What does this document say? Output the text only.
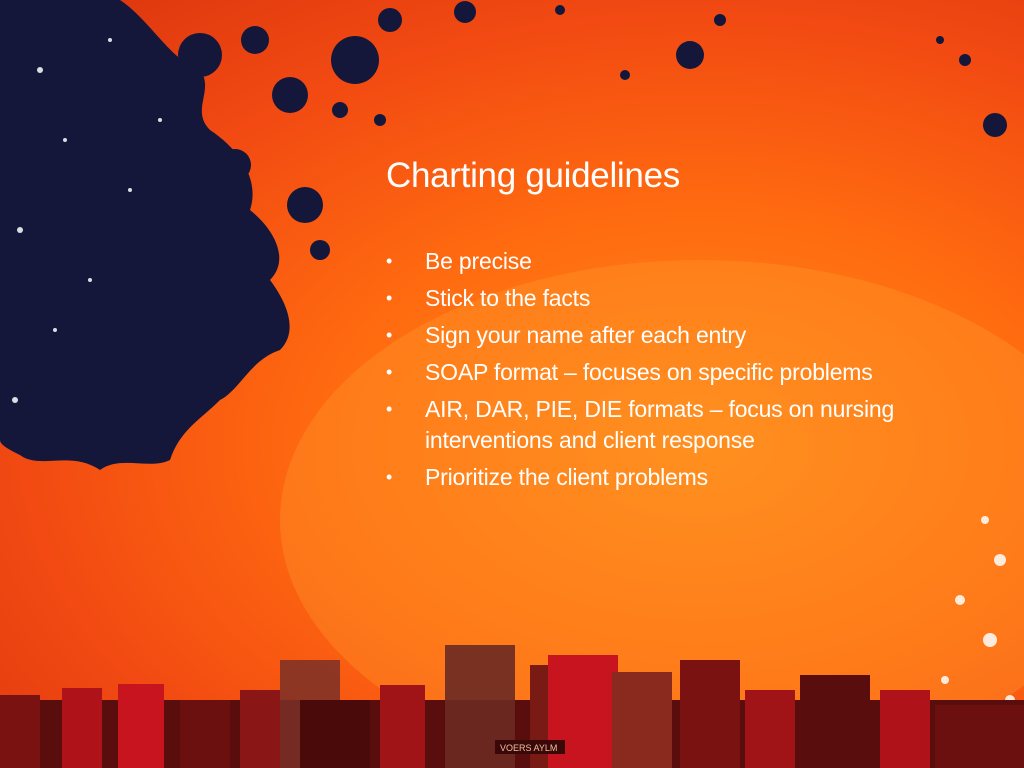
VOERS AYLM
Charting guidelines
• Be precise
• Stick to the facts
• Sign your name after each entry
• SOAP format – focuses on specific problems
• AIR, DAR, PIE, DIE formats – focus on nursing interventions and client response
• Prioritize the client problems
